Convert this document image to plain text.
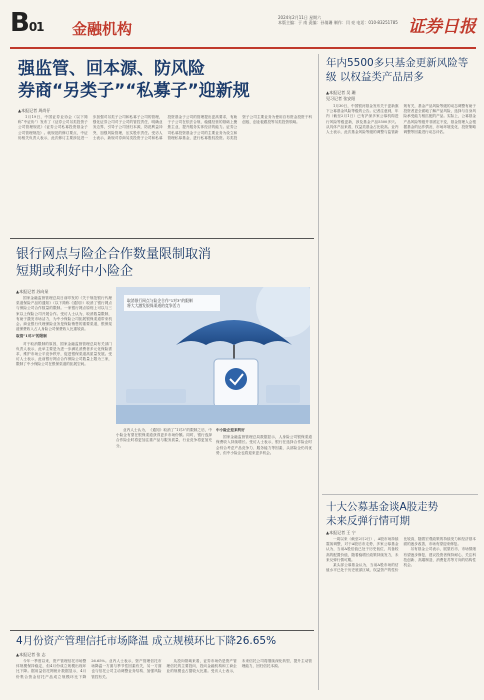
B01 金融机构
2024年2月11日 星期六
本版主编：于 南 责编：孙倩珊 制作：闫 亮 电话：010-83251785 证券日报
强监管、回本源、防风险
券商“另类子”“私募子”迎新规
▲本报记者 周尚仔

1月19日，中国证券业协会（以下简称“中证协”）发布了《证券公司另类投资子公司管理规范》《证券公司私募投资基金子公司管理规范》。就规范的修订要点，中证协相关负责人表示，此次修订主要涉及进一步加强对另类子公司和私募子公司的管理，强化证券公司对子公司的管控责任，明确业务边界，引导子公司回归本源，防范利益冲突，加强风险管理，压实股东责任。受访人士表示，新规对券商另类投资子公司和私募投资基金子公司的管理提出更高要求，有助于子公司在依法合规、稳健经营的基础上聚焦主业，提升服务实体经济的能力。证券公司私募投资基金子公司的主要业务为设立和管理私募基金，进行私募股权投资。另类投资子公司主要业务为使用自有资金投资于科创板、创业板跟投等另类投资领域。

年内5500多只基金更新风险等级 以权益类产品居多
▲本报记者 吴 珊
见习记者 张安阳

1月30日，中国银河基金发布关于更新旗下公募基金风险等级的公告。记者注意到，年内（截至2月1日）已有沪深多家公募机构进行风险等级更新，涉及基金产品5500多只。从具体产品来看，权益类基金占比较高。业内人士表示，此次基金风险等级的调整与监管新规有关，基金产品风险等级的动态调整有助于投资者更全面地了解产品风险，选择与自身风险承受能力相匹配的产品。实际上，公募基金产品风险等级并非固定不变，基金管理人会根据基金的运作情况、市场环境变化、投资策略调整等因素进行动态评估。

银行网点与险企合作数量限制取消
短期或利好中小险企
▲本报记者 苏向杲

国家金融监督管理总局日前印发的《关于规范银行代理渠道保险产品的通知》（以下简称《通知》）取消了银行网点与保险公司合作数量的限制。一家银行网点原则上可以与三家以上保险公司开展合作。受访人士认为，取消数量限制，有助于激发市场活力，为中小保险公司拓展银保渠道带来机会。商业银行代理保险业务是保险销售的重要渠道，银保渠道保费收入占人身险公司保费收入比重较高。

取消“1对3”的限制

对于取消限制的原因，国家金融监督管理总局有关部门负责人表示，此举主要是为进一步满足消费者多元化保险需求，维护市场公平竞争秩序，促进银保渠道高质量发展。受访人士表示，此前银行网点合作保险公司数量上限为三家，限制了中小保险公司在银保渠道的拓展空间。

取消银行网点与险企合作“1对3”的限制
将大大激发银保渠道的竞争活力

业内人士认为，《通知》取消了“1对3”的限制之后，中小险企有望在银保渠道获得更多市场份额。同时，银行选择合作险企时将更加注重产品与服务质量，行业竞争将更加充分。

中小险企迎来利好

国家金融监督管理总局数据显示，人身险公司银保渠道保费收入持续增长。受访人士表示，银行在选择合作险企时会综合考虑产品竞争力、服务能力等因素，头部险企仍具优势，但中小险企也将迎来更多机会。

十大公募基金谈A股走势
未来反弹行情可期
▲本报记者 王 宁

一周以来（截至2月2日），A股市场持续震荡调整，对于A股后市走势，多家公募基金认为，当前A股估值已处于历史低位，具备较高的配置价值，随着稳增长政策持续发力，未来反弹行情可期。

某头部公募基金认为，当前A股市场的估值水平已处于历史底部区域，权益资产的性价比较高，随着宏观政策的持续发力和经济基本面的逐步改善，市场有望迎来修复。

另有基金公司表示，展望后市，市场情绪有望逐步修复，建议投资者保持耐心，关注科技创新、高端制造、消费复苏等方向的结构性机会。

4月份资产管理信托市场降温 成立规模环比下降26.65%
▲本报记者 张 志

今年一季度以来，资产管理信托市场整体规模保持稳定，但4月份成立规模出现环比下降。据用益信托网统计数据显示，4月份集合资金信托产品成立规模环比下降26.65%。业内人士表示，资产管理信托市场降温一方面与季节性因素有关，另一方面也与信托公司主动调整业务结构、加强风险管控有关。

从投向领域来看，证券市场仍是资产管理信托的主要投向，投向金融机构和工商企业的规模也占据较大比重。受访人士表示，未来信托公司将继续深化转型，提升主动管理能力，回归信托本源。
